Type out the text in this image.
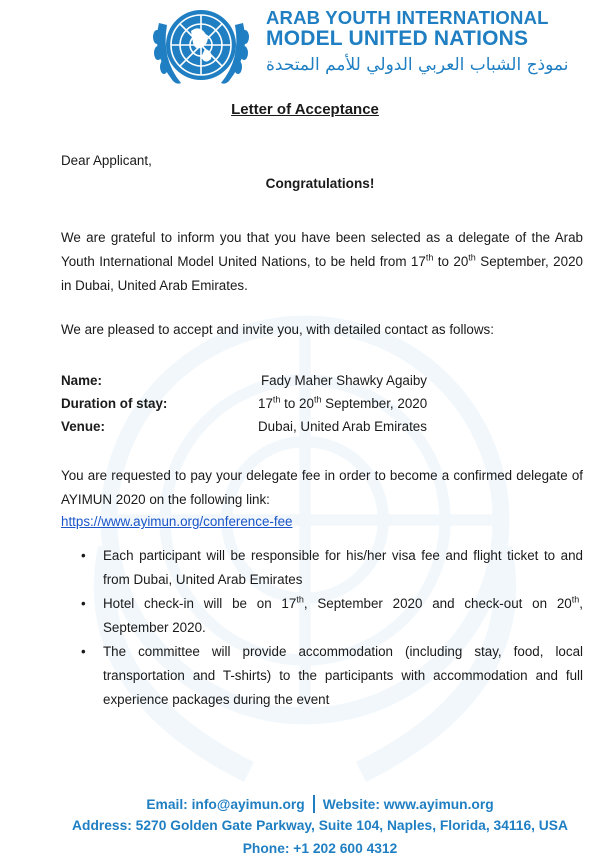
ARAB YOUTH INTERNATIONAL
MODEL UNITED NATIONS
نموذج الشباب العربي الدولي للأمم المتحدة
Letter of Acceptance
Dear Applicant,
Congratulations!
We are grateful to inform you that you have been selected as a delegate of the Arab Youth International Model United Nations, to be held from 17th to 20th September, 2020 in Dubai, United Arab Emirates.
We are pleased to accept and invite you, with detailed contact as follows:
Name:	Fady Maher Shawky Agaiby
Duration of stay:	17th to 20th September, 2020
Venue:	Dubai, United Arab Emirates
You are requested to pay your delegate fee in order to become a confirmed delegate of AYIMUN 2020 on the following link:
https://www.ayimun.org/conference-fee
• Each participant will be responsible for his/her visa fee and flight ticket to and from Dubai, United Arab Emirates
• Hotel check-in will be on 17th, September 2020 and check-out on 20th, September 2020.
• The committee will provide accommodation (including stay, food, local transportation and T-shirts) to the participants with accommodation and full experience packages during the event
Email: info@ayimun.org Website: www.ayimun.org
Address: 5270 Golden Gate Parkway, Suite 104, Naples, Florida, 34116, USA
Phone: +1 202 600 4312
